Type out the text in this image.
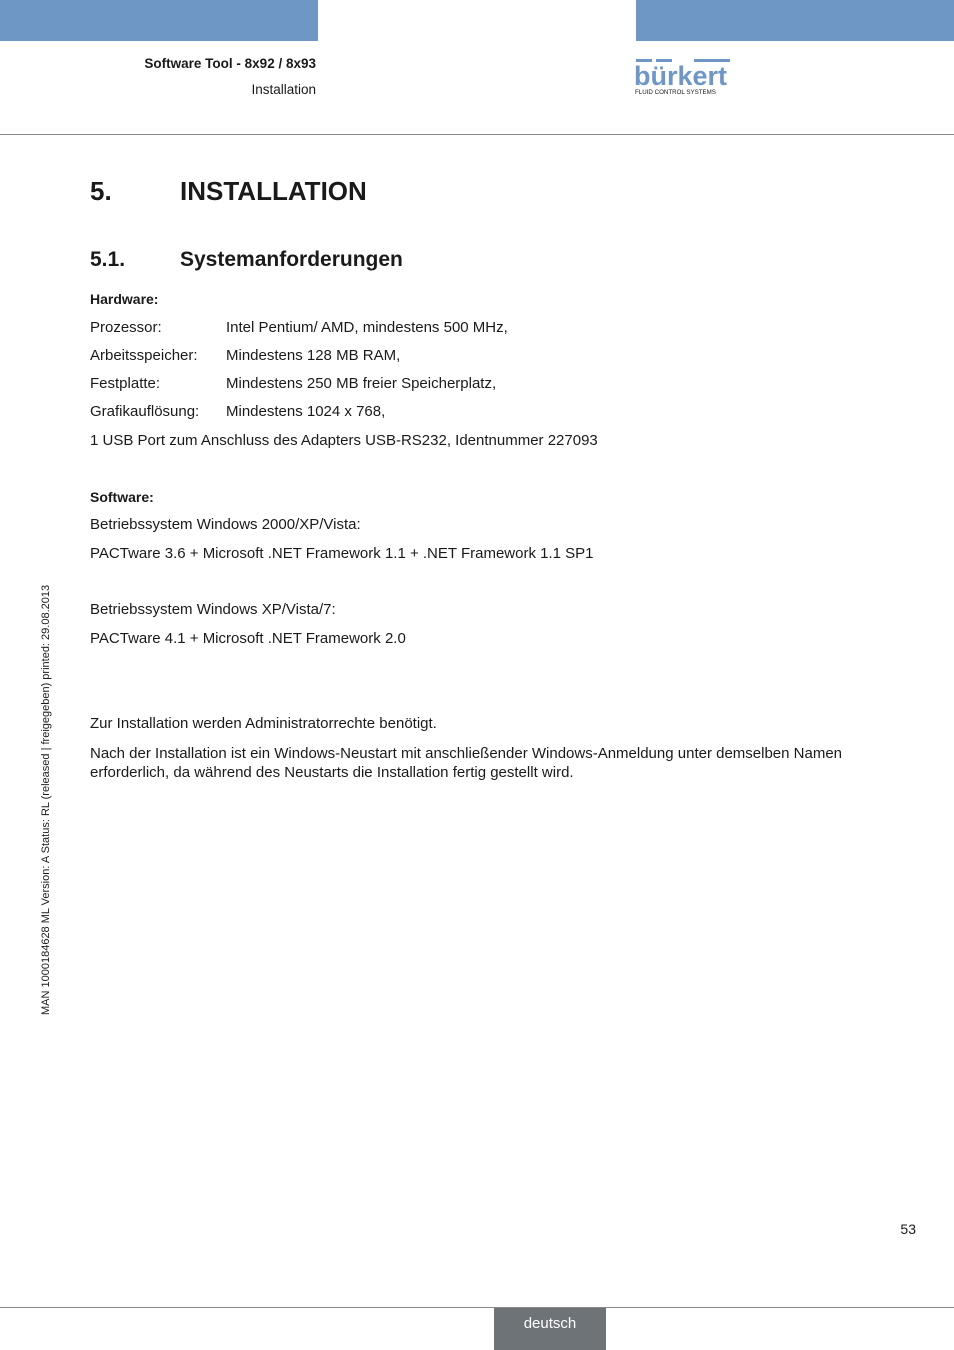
Software Tool - 8x92 / 8x93
Installation	bürkert
FLUID CONTROL SYSTEMS
5.	INSTALLATION
5.1.	Systemanforderungen
Hardware:
Prozessor:	Intel Pentium/ AMD, mindestens 500 MHz,
Arbeitsspeicher: Mindestens 128 MB RAM,
Festplatte:	Mindestens 250 MB freier Speicherplatz,
Grafikauflösung: Mindestens 1024 x 768,
1 USB Port zum Anschluss des Adapters USB-RS232, Identnummer 227093
Software:
Betriebssystem Windows 2000/XP/Vista:
PACTware 3.6 + Microsoft .NET Framework 1.1 + .NET Framework 1.1 SP1
Betriebssystem Windows XP/Vista/7:
PACTware 4.1 + Microsoft .NET Framework 2.0
Zur Installation werden Administratorrechte benötigt.
Nach der Installation ist ein Windows-Neustart mit anschließender Windows-Anmeldung unter demselben Namen erforderlich, da während des Neustarts die Installation fertig gestellt wird.
MAN 1000184628 ML Version: A Status: RL (released | freigegeben) printed: 29.08.2013
53
deutsch
